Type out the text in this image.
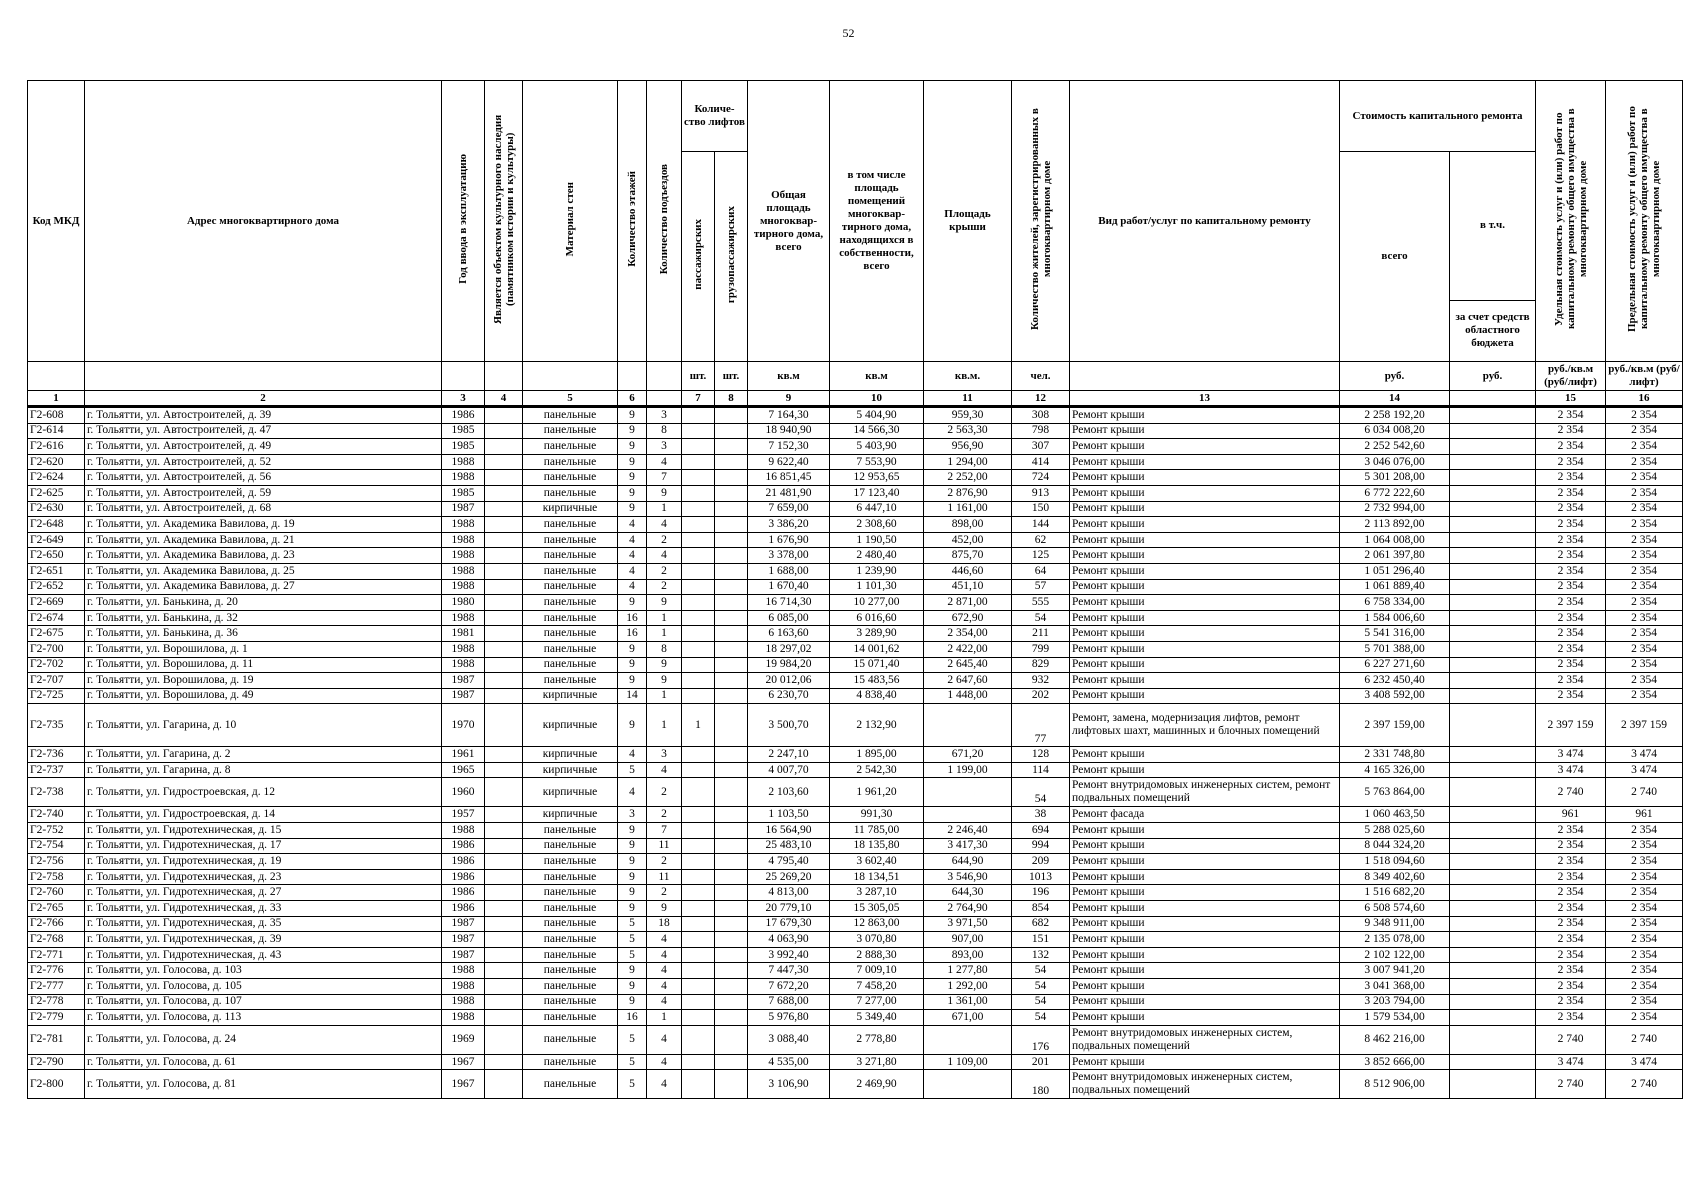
52
Код МКД	Адрес многоквартирного дома	Год ввода в эксплуатацию	Является объектом культурного наследия (памятником истории и культуры)	Материал стен	Количество этажей	Количество подъездов	Количе-ство лифтов		Общая площадь многоквар-тирного дома, всего	в том числе площадь помещений многоквар-тирного дома, находящихся в собственности, всего	Площадь крыши	Количество жителей, зарегистрированных в многоквартирном доме	Вид работ/услуг по капитальному ремонту	Стоимость капитального ремонта		Удельная стоимость услуг и (или) работ по капитальному ремонту общего имущества в многоквартирном доме	Предельная стоимость услуг и (или) работ по капитальному ремонту общего имущества в многоквартирном доме
							пассажирских	грузопассажирских						всего	в т.ч.		
															за счет средств областного бюджета		
							шт.	шт.	кв.м	кв.м	кв.м.	чел.		руб.	руб.	руб./кв.м (руб/лифт)	руб./кв.м (руб/лифт)
1	2	3	4	5	6		7	8	9	10	11	12	13	14		15	16
Г2-608	г. Тольятти, ул. Автостроителей, д. 39	1986		панельные	9	3			7 164,30	5 404,90	959,30	308	Ремонт крыши	2 258 192,20		2 354	2 354
Г2-614	г. Тольятти, ул. Автостроителей, д. 47	1985		панельные	9	8			18 940,90	14 566,30	2 563,30	798	Ремонт крыши	6 034 008,20		2 354	2 354
Г2-616	г. Тольятти, ул. Автостроителей, д. 49	1985		панельные	9	3			7 152,30	5 403,90	956,90	307	Ремонт крыши	2 252 542,60		2 354	2 354
Г2-620	г. Тольятти, ул. Автостроителей, д. 52	1988		панельные	9	4			9 622,40	7 553,90	1 294,00	414	Ремонт крыши	3 046 076,00		2 354	2 354
Г2-624	г. Тольятти, ул. Автостроителей, д. 56	1988		панельные	9	7			16 851,45	12 953,65	2 252,00	724	Ремонт крыши	5 301 208,00		2 354	2 354
Г2-625	г. Тольятти, ул. Автостроителей, д. 59	1985		панельные	9	9			21 481,90	17 123,40	2 876,90	913	Ремонт крыши	6 772 222,60		2 354	2 354
Г2-630	г. Тольятти, ул. Автостроителей, д. 68	1987		кирпичные	9	1			7 659,00	6 447,10	1 161,00	150	Ремонт крыши	2 732 994,00		2 354	2 354
Г2-648	г. Тольятти, ул. Академика Вавилова, д. 19	1988		панельные	4	4			3 386,20	2 308,60	898,00	144	Ремонт крыши	2 113 892,00		2 354	2 354
Г2-649	г. Тольятти, ул. Академика Вавилова, д. 21	1988		панельные	4	2			1 676,90	1 190,50	452,00	62	Ремонт крыши	1 064 008,00		2 354	2 354
Г2-650	г. Тольятти, ул. Академика Вавилова, д. 23	1988		панельные	4	4			3 378,00	2 480,40	875,70	125	Ремонт крыши	2 061 397,80		2 354	2 354
Г2-651	г. Тольятти, ул. Академика Вавилова, д. 25	1988		панельные	4	2			1 688,00	1 239,90	446,60	64	Ремонт крыши	1 051 296,40		2 354	2 354
Г2-652	г. Тольятти, ул. Академика Вавилова, д. 27	1988		панельные	4	2			1 670,40	1 101,30	451,10	57	Ремонт крыши	1 061 889,40		2 354	2 354
Г2-669	г. Тольятти, ул. Банькина, д. 20	1980		панельные	9	9			16 714,30	10 277,00	2 871,00	555	Ремонт крыши	6 758 334,00		2 354	2 354
Г2-674	г. Тольятти, ул. Банькина, д. 32	1988		панельные	16	1			6 085,00	6 016,60	672,90	54	Ремонт крыши	1 584 006,60		2 354	2 354
Г2-675	г. Тольятти, ул. Банькина, д. 36	1981		панельные	16	1			6 163,60	3 289,90	2 354,00	211	Ремонт крыши	5 541 316,00		2 354	2 354
Г2-700	г. Тольятти, ул. Ворошилова, д. 1	1988		панельные	9	8			18 297,02	14 001,62	2 422,00	799	Ремонт крыши	5 701 388,00		2 354	2 354
Г2-702	г. Тольятти, ул. Ворошилова, д. 11	1988		панельные	9	9			19 984,20	15 071,40	2 645,40	829	Ремонт крыши	6 227 271,60		2 354	2 354
Г2-707	г. Тольятти, ул. Ворошилова, д. 19	1987		панельные	9	9			20 012,06	15 483,56	2 647,60	932	Ремонт крыши	6 232 450,40		2 354	2 354
Г2-725	г. Тольятти, ул. Ворошилова, д. 49	1987		кирпичные	14	1			6 230,70	4 838,40	1 448,00	202	Ремонт крыши	3 408 592,00		2 354	2 354
Г2-735	г. Тольятти, ул. Гагарина, д. 10	1970		кирпичные	9	1	1		3 500,70	2 132,90		77	Ремонт, замена, модернизация лифтов, ремонт лифтовых шахт, машинных и блочных помещений	2 397 159,00		2 397 159	2 397 159
Г2-736	г. Тольятти, ул. Гагарина, д. 2	1961		кирпичные	4	3			2 247,10	1 895,00	671,20	128	Ремонт крыши	2 331 748,80		3 474	3 474
Г2-737	г. Тольятти, ул. Гагарина, д. 8	1965		кирпичные	5	4			4 007,70	2 542,30	1 199,00	114	Ремонт крыши	4 165 326,00		3 474	3 474
Г2-738	г. Тольятти, ул. Гидростроевская, д. 12	1960		кирпичные	4	2			2 103,60	1 961,20		54	Ремонт внутридомовых инженерных систем, ремонт подвальных помещений	5 763 864,00		2 740	2 740
Г2-740	г. Тольятти, ул. Гидростроевская, д. 14	1957		кирпичные	3	2			1 103,50	991,30		38	Ремонт фасада	1 060 463,50		961	961
Г2-752	г. Тольятти, ул. Гидротехническая, д. 15	1988		панельные	9	7			16 564,90	11 785,00	2 246,40	694	Ремонт крыши	5 288 025,60		2 354	2 354
Г2-754	г. Тольятти, ул. Гидротехническая, д. 17	1986		панельные	9	11			25 483,10	18 135,80	3 417,30	994	Ремонт крыши	8 044 324,20		2 354	2 354
Г2-756	г. Тольятти, ул. Гидротехническая, д. 19	1986		панельные	9	2			4 795,40	3 602,40	644,90	209	Ремонт крыши	1 518 094,60		2 354	2 354
Г2-758	г. Тольятти, ул. Гидротехническая, д. 23	1986		панельные	9	11			25 269,20	18 134,51	3 546,90	1013	Ремонт крыши	8 349 402,60		2 354	2 354
Г2-760	г. Тольятти, ул. Гидротехническая, д. 27	1986		панельные	9	2			4 813,00	3 287,10	644,30	196	Ремонт крыши	1 516 682,20		2 354	2 354
Г2-765	г. Тольятти, ул. Гидротехническая, д. 33	1986		панельные	9	9			20 779,10	15 305,05	2 764,90	854	Ремонт крыши	6 508 574,60		2 354	2 354
Г2-766	г. Тольятти, ул. Гидротехническая, д. 35	1987		панельные	5	18			17 679,30	12 863,00	3 971,50	682	Ремонт крыши	9 348 911,00		2 354	2 354
Г2-768	г. Тольятти, ул. Гидротехническая, д. 39	1987		панельные	5	4			4 063,90	3 070,80	907,00	151	Ремонт крыши	2 135 078,00		2 354	2 354
Г2-771	г. Тольятти, ул. Гидротехническая, д. 43	1987		панельные	5	4			3 992,40	2 888,30	893,00	132	Ремонт крыши	2 102 122,00		2 354	2 354
Г2-776	г. Тольятти, ул. Голосова, д. 103	1988		панельные	9	4			7 447,30	7 009,10	1 277,80	54	Ремонт крыши	3 007 941,20		2 354	2 354
Г2-777	г. Тольятти, ул. Голосова, д. 105	1988		панельные	9	4			7 672,20	7 458,20	1 292,00	54	Ремонт крыши	3 041 368,00		2 354	2 354
Г2-778	г. Тольятти, ул. Голосова, д. 107	1988		панельные	9	4			7 688,00	7 277,00	1 361,00	54	Ремонт крыши	3 203 794,00		2 354	2 354
Г2-779	г. Тольятти, ул. Голосова, д. 113	1988		панельные	16	1			5 976,80	5 349,40	671,00	54	Ремонт крыши	1 579 534,00		2 354	2 354
Г2-781	г. Тольятти, ул. Голосова, д. 24	1969		панельные	5	4			3 088,40	2 778,80		176	Ремонт внутридомовых инженерных систем, подвальных помещений	8 462 216,00		2 740	2 740
Г2-790	г. Тольятти, ул. Голосова, д. 61	1967		панельные	5	4			4 535,00	3 271,80	1 109,00	201	Ремонт крыши	3 852 666,00		3 474	3 474
Г2-800	г. Тольятти, ул. Голосова, д. 81	1967		панельные	5	4			3 106,90	2 469,90		180	Ремонт внутридомовых инженерных систем, подвальных помещений	8 512 906,00		2 740	2 740
